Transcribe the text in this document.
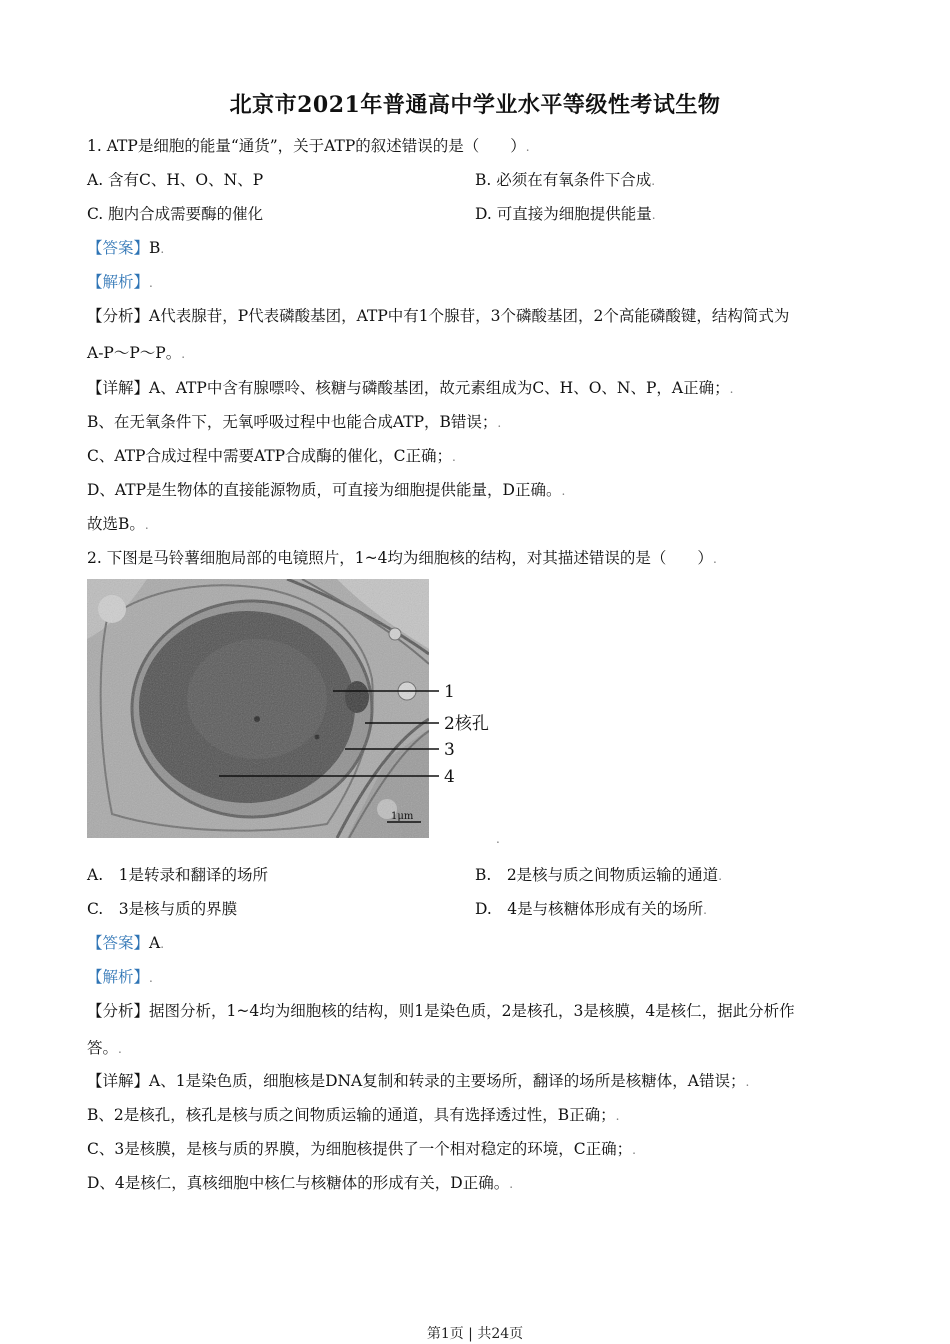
北京市2021年普通高中学业水平等级性考试生物
1. ATP是细胞的能量“通货”，关于ATP的叙述错误的是（　　）.
A. 含有C、H、O、N、P	B. 必须在有氧条件下合成.
C. 胞内合成需要酶的催化	D. 可直接为细胞提供能量.
【答案】B.
【解析】.
【分析】A代表腺苷，P代表磷酸基团，ATP中有1个腺苷，3个磷酸基团，2个高能磷酸键，结构简式为
A-P～P～P。.
【详解】A、ATP中含有腺嘌呤、核糖与磷酸基团，故元素组成为C、H、O、N、P，A正确；.
B、在无氧条件下，无氧呼吸过程中也能合成ATP，B错误；.
C、ATP合成过程中需要ATP合成酶的催化，C正确；.
D、ATP是生物体的直接能源物质，可直接为细胞提供能量，D正确。.
故选B。.
2. 下图是马铃薯细胞局部的电镜照片，1~4均为细胞核的结构，对其描述错误的是（　　）.
1
2核孔
3
4
1μm
.
A.　1是转录和翻译的场所	B.　2是核与质之间物质运输的通道.
C.　3是核与质的界膜	D.　4是与核糖体形成有关的场所.
【答案】A.
【解析】.
【分析】据图分析，1~4均为细胞核的结构，则1是染色质，2是核孔，3是核膜，4是核仁，据此分析作
答。.
【详解】A、1是染色质，细胞核是DNA复制和转录的主要场所，翻译的场所是核糖体，A错误；.
B、2是核孔，核孔是核与质之间物质运输的通道，具有选择透过性，B正确；.
C、3是核膜，是核与质的界膜，为细胞核提供了一个相对稳定的环境，C正确；.
D、4是核仁，真核细胞中核仁与核糖体的形成有关，D正确。.
第1页 | 共24页
